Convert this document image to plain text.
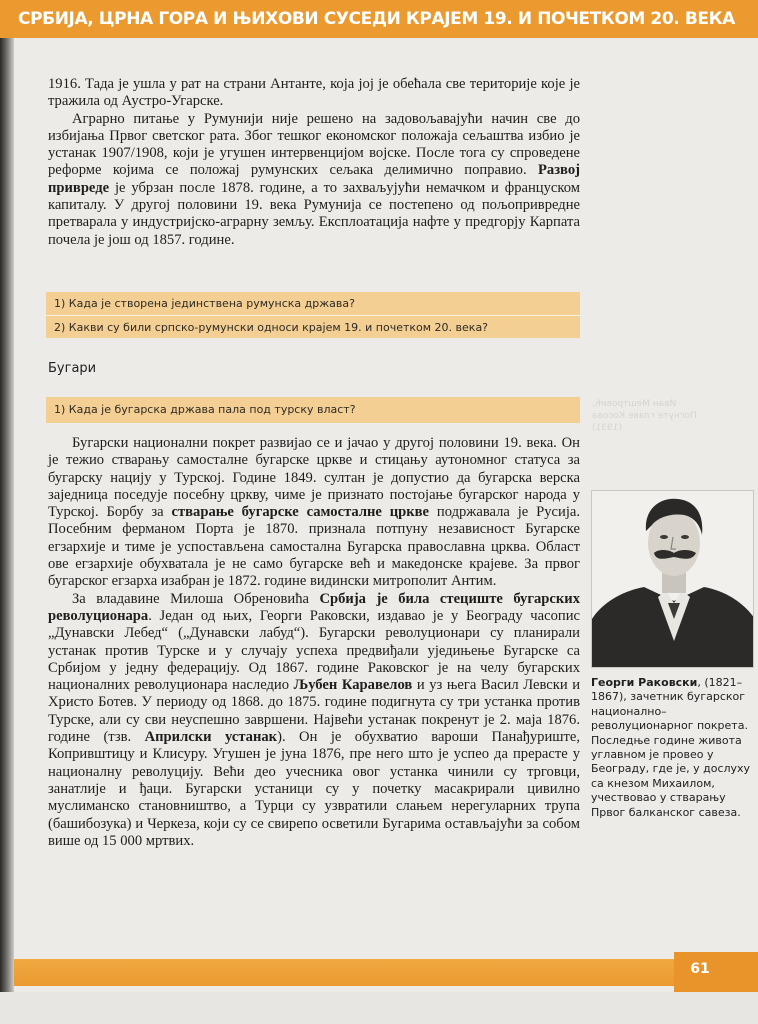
СРБИЈА, ЦРНА ГОРА И ЊИХОВИ СУСЕДИ КРАЈЕМ 19. И ПОЧЕТКОМ 20. ВЕКА
Иван Мештровић,
Погнуте главе Косова
(1931)

1916. Тада је ушла у рат на страни Антанте, која јој је обећала све територије које је тражила од Аустро-Угарске.

Аграрно питање у Румунији није решено на задовољавајући начин све до избијања Првог светског рата. Због тешког економског положаја сељаштва избио је устанак 1907/1908, који је угушен интервенцијом војске. После тога су спроведене реформе којима се положај румунских сељака делимично поправио. Развој привреде је убрзан после 1878. године, а то захваљујући немачком и француском капиталу. У другој половини 19. века Румунија се постепено од пољопривредне претварала у индустријско-аграрну земљу. Експлоатација нафте у предгорју Карпата почела је још од 1857. године.

1) Када је створена јединствена румунска држава?
2) Какви су били српско-румунски односи крајем 19. и почетком 20. века?
Бугари
1) Када је бугарска држава пала под турску власт?

Бугарски национални покрет развијао се и јачао у другој половини 19. века. Он је тежио стварању самосталне бугарске цркве и стицању аутономног статуса за бугарску нацију у Турској. Године 1849. султан је допустио да бугарска верска заједница поседује посебну цркву, чиме је признато постојање бугарског народа у Турској. Борбу за стварање бугарске самосталне цркве подржавала је Русија. Посебним ферманом Порта је 1870. признала потпуну независност Бугарске егзархије и тиме је успостављена самостална Бугарска православна црква. Област ове егзархије обухватала је не само бугарске већ и македонске крајеве. За првог бугарског егзарха изабран је 1872. године видински митрополит Антим.

За владавине Милоша Обреновића Србија је била стециште бугарских револуционара. Један од њих, Георги Раковски, издавао је у Београду часопис „Дунавски Лебед“ („Дунавски лабуд“). Бугарски револуционари су планирали устанак против Турске и у случају успеха предвиђали уједињење Бугарске са Србијом у једну федерацију. Од 1867. године Раковског је на челу бугарских националних револуционара наследио Љубен Каравелов и уз њега Васил Левски и Христо Ботев. У периоду од 1868. до 1875. године подигнута су три устанка против Турске, али су сви неуспешно завршени. Највећи устанак покренут је 2. маја 1876. године (тзв. Априлски устанак). Он је обухватио вароши Панађуриште, Копривштицу и Клисуру. Угушен је јуна 1876, пре него што је успео да прерасте у националну револуцију. Већи део учесника овог устанка чинили су трговци, занатлије и ђаци. Бугарски устаници су у почетку масакрирали цивилно муслиманско становништво, а Турци су узвратили слањем нерегуларних трупа (башибозука) и Черкеза, који су се свирепо осветили Бугарима остављајући за собом више од 15 000 мртвих.

Георги Раковски, (1821–1867), зачетник бугарског национално–револуционарног покрета. Последње године живота углавном је провео у Београду, где је, у дослуху са кнезом Михаилом, учествовао у стварању Првог балканског савеза.
61
